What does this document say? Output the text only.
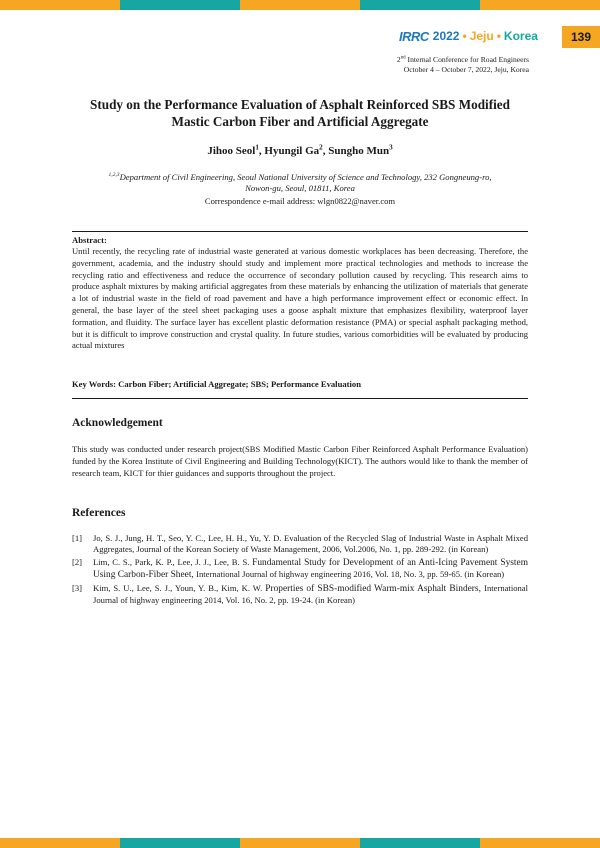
IRRC 2022 • Jeju • Korea	139
2nd Internal Conference for Road Engineers
October 4 – October 7, 2022, Jeju, Korea
Study on the Performance Evaluation of Asphalt Reinforced SBS Modified
Mastic Carbon Fiber and Artificial Aggregate
Jihoo Seol$^1$, Hyungil Ga$^2$, Sungho Mun$^3$
$^{1,2,3}$Department of Civil Engineering, Seoul National University of Science and Technology, 232 Gongneung-ro,
Nowon-gu, Seoul, 01811, Korea
Correspondence e-mail address: wlgn0822@naver.com
Abstract:
Until recently, the recycling rate of industrial waste generated at various domestic workplaces has been decreasing. Therefore, the government, academia, and the industry should study and implement more practical technologies and methods to increase the recycling ratio and effectiveness and reduce the occurrence of secondary pollution caused by recycling. This research aims to produce asphalt mixtures by making artificial aggregates from these materials by enhancing the utilization of materials that generate a lot of industrial waste in the field of road pavement and have a high performance improvement effect or economic effect. In general, the base layer of the steel sheet packaging uses a goose asphalt mixture that emphasizes flexibility, waterproof layer formation, and fluidity. The surface layer has excellent plastic deformation resistance (PMA) or special asphalt packaging method, but it is difficult to improve construction and crystal quality. In future studies, various comorbidities will be evaluated by producing actual mixtures
Key Words: Carbon Fiber; Artificial Aggregate; SBS; Performance Evaluation
Acknowledgement
This study was conducted under research project(SBS Modified Mastic Carbon Fiber Reinforced Asphalt Performance Evaluation) funded by the Korea Institute of Civil Engineering and Building Technology(KICT). The authors would like to thank the member of research team, KICT for thier guidances and supports throughout the project.
References
[1] Jo, S. J., Jung, H. T., Seo, Y. C., Lee, H. H., Yu, Y. D. Evaluation of the Recycled Slag of Industrial Waste in Asphalt Mixed Aggregates, Journal of the Korean Society of Waste Management, 2006, Vol.2006, No. 1, pp. 289-292. (in Korean)
[2] Lim, C. S., Park, K. P., Lee, J. J., Lee, B. S. Fundamental Study for Development of an Anti-Icing Pavement System Using Carbon-Fiber Sheet, International Journal of highway engineering 2016, Vol. 18, No. 3, pp. 59-65. (in Korean)
[3] Kim, S. U., Lee, S. J., Youn, Y. B., Kim, K. W. Properties of SBS-modified Warm-mix Asphalt Binders, International Journal of highway engineering 2014, Vol. 16, No. 2, pp. 19-24. (in Korean)
